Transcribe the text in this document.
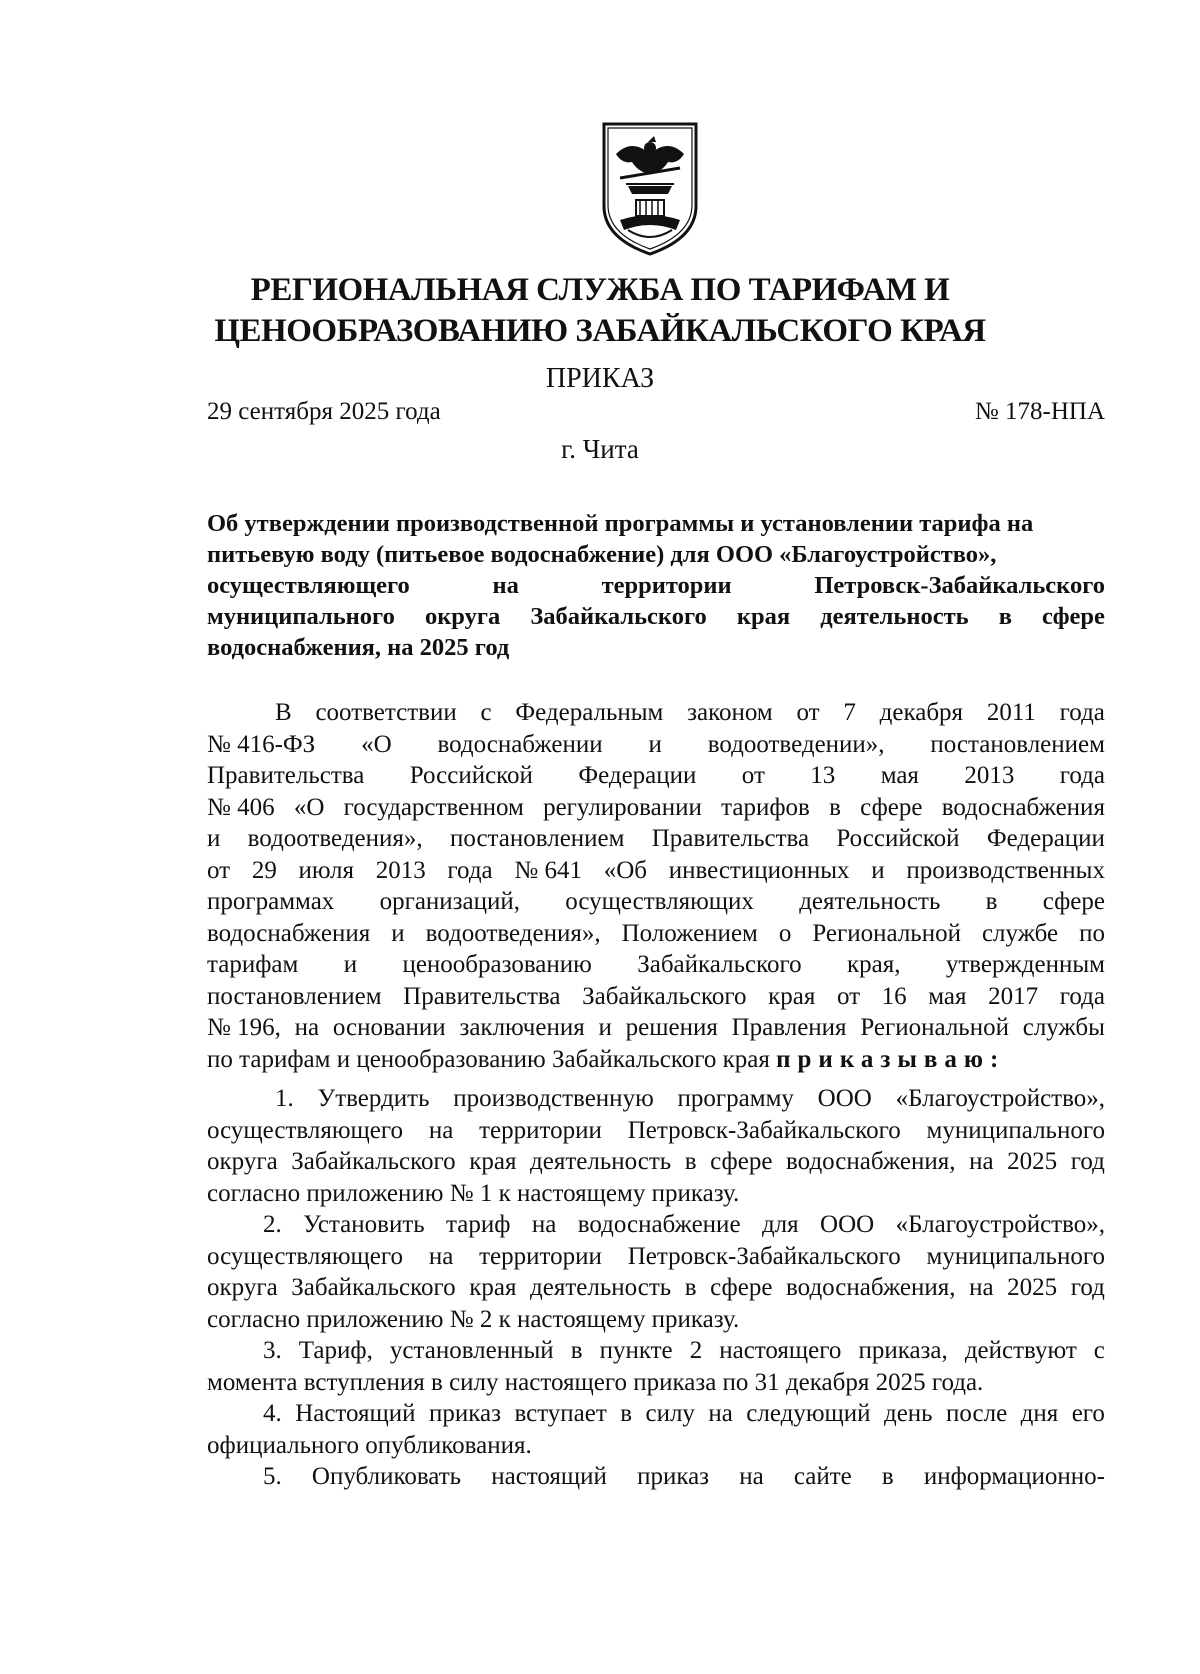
РЕГИОНАЛЬНАЯ СЛУЖБА ПО ТАРИФАМ И
ЦЕНООБРАЗОВАНИЮ ЗАБАЙКАЛЬСКОГО КРАЯ
ПРИКАЗ
29 сентября 2025 года	№ 178-НПА
г. Чита
Об утверждении производственной программы и установлении тарифа на
питьевую воду (питьевое водоснабжение) для ООО «Благоустройство»,
осуществляющего	на	территории	Петровск-Забайкальского
муниципального округа Забайкальского края деятельность в сфере
водоснабжения, на 2025 год
В соответствии с Федеральным законом от 7 декабря 2011 года
№ 416-ФЗ «О водоснабжении и водоотведении», постановлением
Правительства Российской Федерации от 13 мая 2013 года
№ 406 «О государственном регулировании тарифов в сфере водоснабжения
и водоотведения», постановлением Правительства Российской Федерации
от 29 июля 2013 года № 641 «Об инвестиционных и производственных
программах организаций, осуществляющих деятельность в сфере
водоснабжения и водоотведения», Положением о Региональной службе по
тарифам и ценообразованию Забайкальского края, утвержденным
постановлением Правительства Забайкальского края от 16 мая 2017 года
№ 196, на основании заключения и решения Правления Региональной службы
по тарифам и ценообразованию Забайкальского края приказываю:
1. Утвердить производственную программу ООО «Благоустройство»,
осуществляющего на территории Петровск-Забайкальского муниципального
округа Забайкальского края деятельность в сфере водоснабжения, на 2025 год
согласно приложению № 1 к настоящему приказу.
2. Установить тариф на водоснабжение для ООО «Благоустройство»,
осуществляющего на территории Петровск-Забайкальского муниципального
округа Забайкальского края деятельность в сфере водоснабжения, на 2025 год
согласно приложению № 2 к настоящему приказу.
3. Тариф, установленный в пункте 2 настоящего приказа, действуют с
момента вступления в силу настоящего приказа по 31 декабря 2025 года.
4. Настоящий приказ вступает в силу на следующий день после дня его
официального опубликования.
5. Опубликовать настоящий приказ на сайте в информационно-
